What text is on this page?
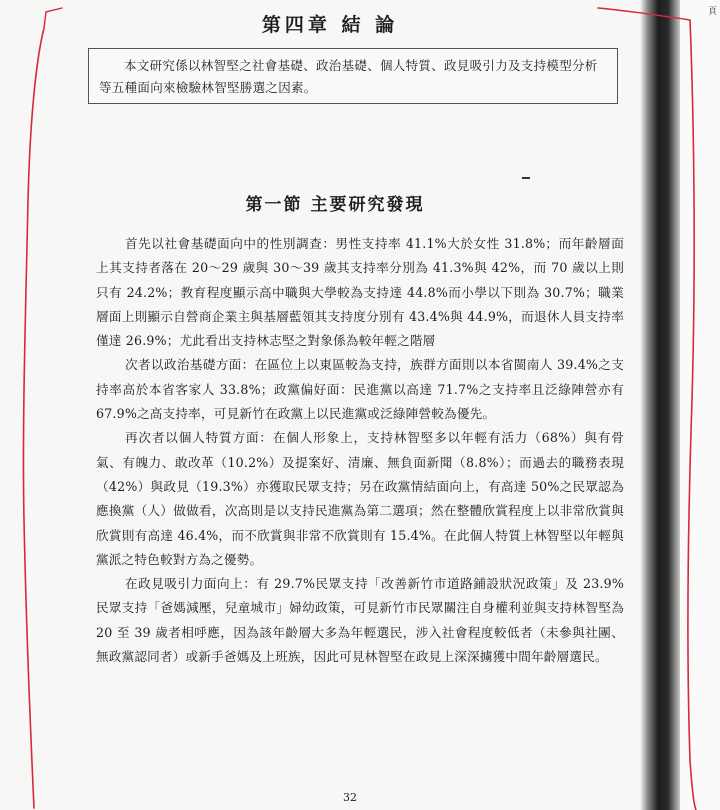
頁
第四章 結 論

本文研究係以林智堅之社會基礎、政治基礎、個人特質、政見吸引力及支持模型分析等五種面向來檢驗林智堅勝選之因素。

第一節 主要研究發現

首先以社會基礎面向中的性別調查：男性支持率 41.1%大於女性 31.8%；而年齡層面上其支持者落在 20～29 歲與 30～39 歲其支持率分別為 41.3%與 42%，而 70 歲以上則只有 24.2%；教育程度顯示高中職與大學較為支持達 44.8%而小學以下則為 30.7%；職業層面上則顯示自營商企業主與基層藍領其支持度分別有 43.4%與 44.9%，而退休人員支持率僅達 26.9%；尤此看出支持林志堅之對象係為較年輕之階層

次者以政治基礎方面：在區位上以東區較為支持，族群方面則以本省閩南人 39.4%之支持率高於本省客家人 33.8%；政黨偏好面：民進黨以高達 71.7%之支持率且泛綠陣營亦有 67.9%之高支持率，可見新竹在政黨上以民進黨或泛綠陣營較為優先。

再次者以個人特質方面：在個人形象上，支持林智堅多以年輕有活力（68%）與有骨氣、有魄力、敢改革（10.2%）及提案好、清廉、無負面新聞（8.8%）；而過去的職務表現（42%）與政見（19.3%）亦獲取民眾支持；另在政黨情結面向上，有高達 50%之民眾認為應換黨（人）做做看，次高則是以支持民進黨為第二選項；然在整體欣賞程度上以非常欣賞與欣賞則有高達 46.4%，而不欣賞與非常不欣賞則有 15.4%。在此個人特質上林智堅以年輕與黨派之特色較對方為之優勢。

在政見吸引力面向上：有 29.7%民眾支持「改善新竹市道路鋪設狀況政策」及 23.9%民眾支持「爸媽減壓，兒童城市」婦幼政策，可見新竹市民眾關注自身權利並與支持林智堅為 20 至 39 歲者相呼應，因為該年齡層大多為年輕選民，涉入社會程度較低者（未參與社團、無政黨認同者）或新手爸媽及上班族，因此可見林智堅在政見上深深擄獲中間年齡層選民。

32
